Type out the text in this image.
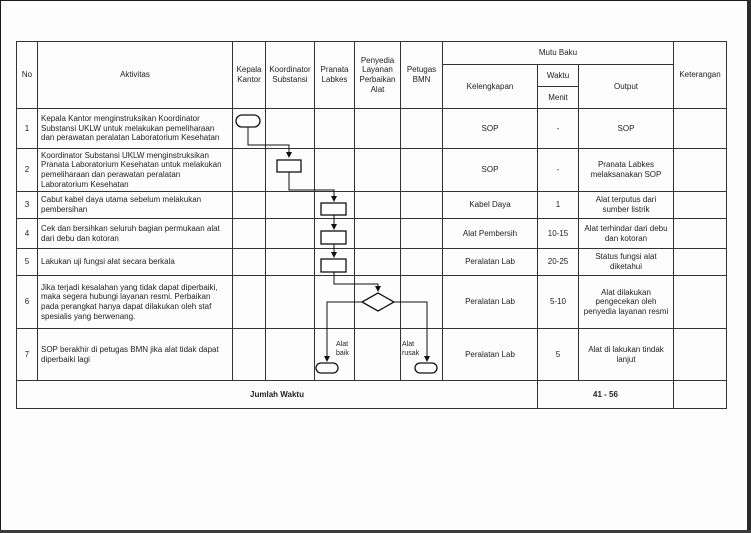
No	Aktivitas	Kepala Kantor	Koordinator Substansi	Pranata Labkes	Penyedia Layanan Perbaikan Alat	Petugas BMN	Mutu Baku			Keterangan
							Kelengkapan	Waktu	Output	
								Menit		
1	Kepala Kantor menginstruksikan Koordinator Substansi UKLW untuk melakukan pemeliharaan dan perawatan peralatan Laboratorium Kesehatan						SOP	-	SOP	
2	Koordinator Substansi UKLW menginstruksikan Pranata Laboratorium Kesehatan untuk melakukan pemeliharaan dan perawatan peralatan Laboratorium Kesehatan						SOP	-	Pranata Labkes melaksanakan SOP	
3	Cabut kabel daya utama sebelum melakukan pembersihan						Kabel Daya	1	Alat terputus dari sumber listrik	
4	Cek dan bersihkan seluruh bagian permukaan alat dari debu dan kotoran						Alat Pembersih	10-15	Alat terhindar dari debu dan kotoran	
5	Lakukan uji fungsi alat secara berkala						Peralatan Lab	20-25	Status fungsi alat diketahui	
6	Jika terjadi kesalahan yang tidak dapat diperbaiki, maka segera hubungi layanan resmi. Perbaikan pada perangkat hanya dapat dilakukan oleh staf spesialis yang berwenang.						Peralatan Lab	5-10	Alat dilakukan pengecekan oleh penyedia layanan resmi	
7	SOP berakhir di petugas BMN jika alat tidak dapat diperbaiki lagi						Peralatan Lab	5	Alat di lakukan tindak lanjut	
Jumlah Waktu								41 - 56		
Alat baik
Alat rusak
